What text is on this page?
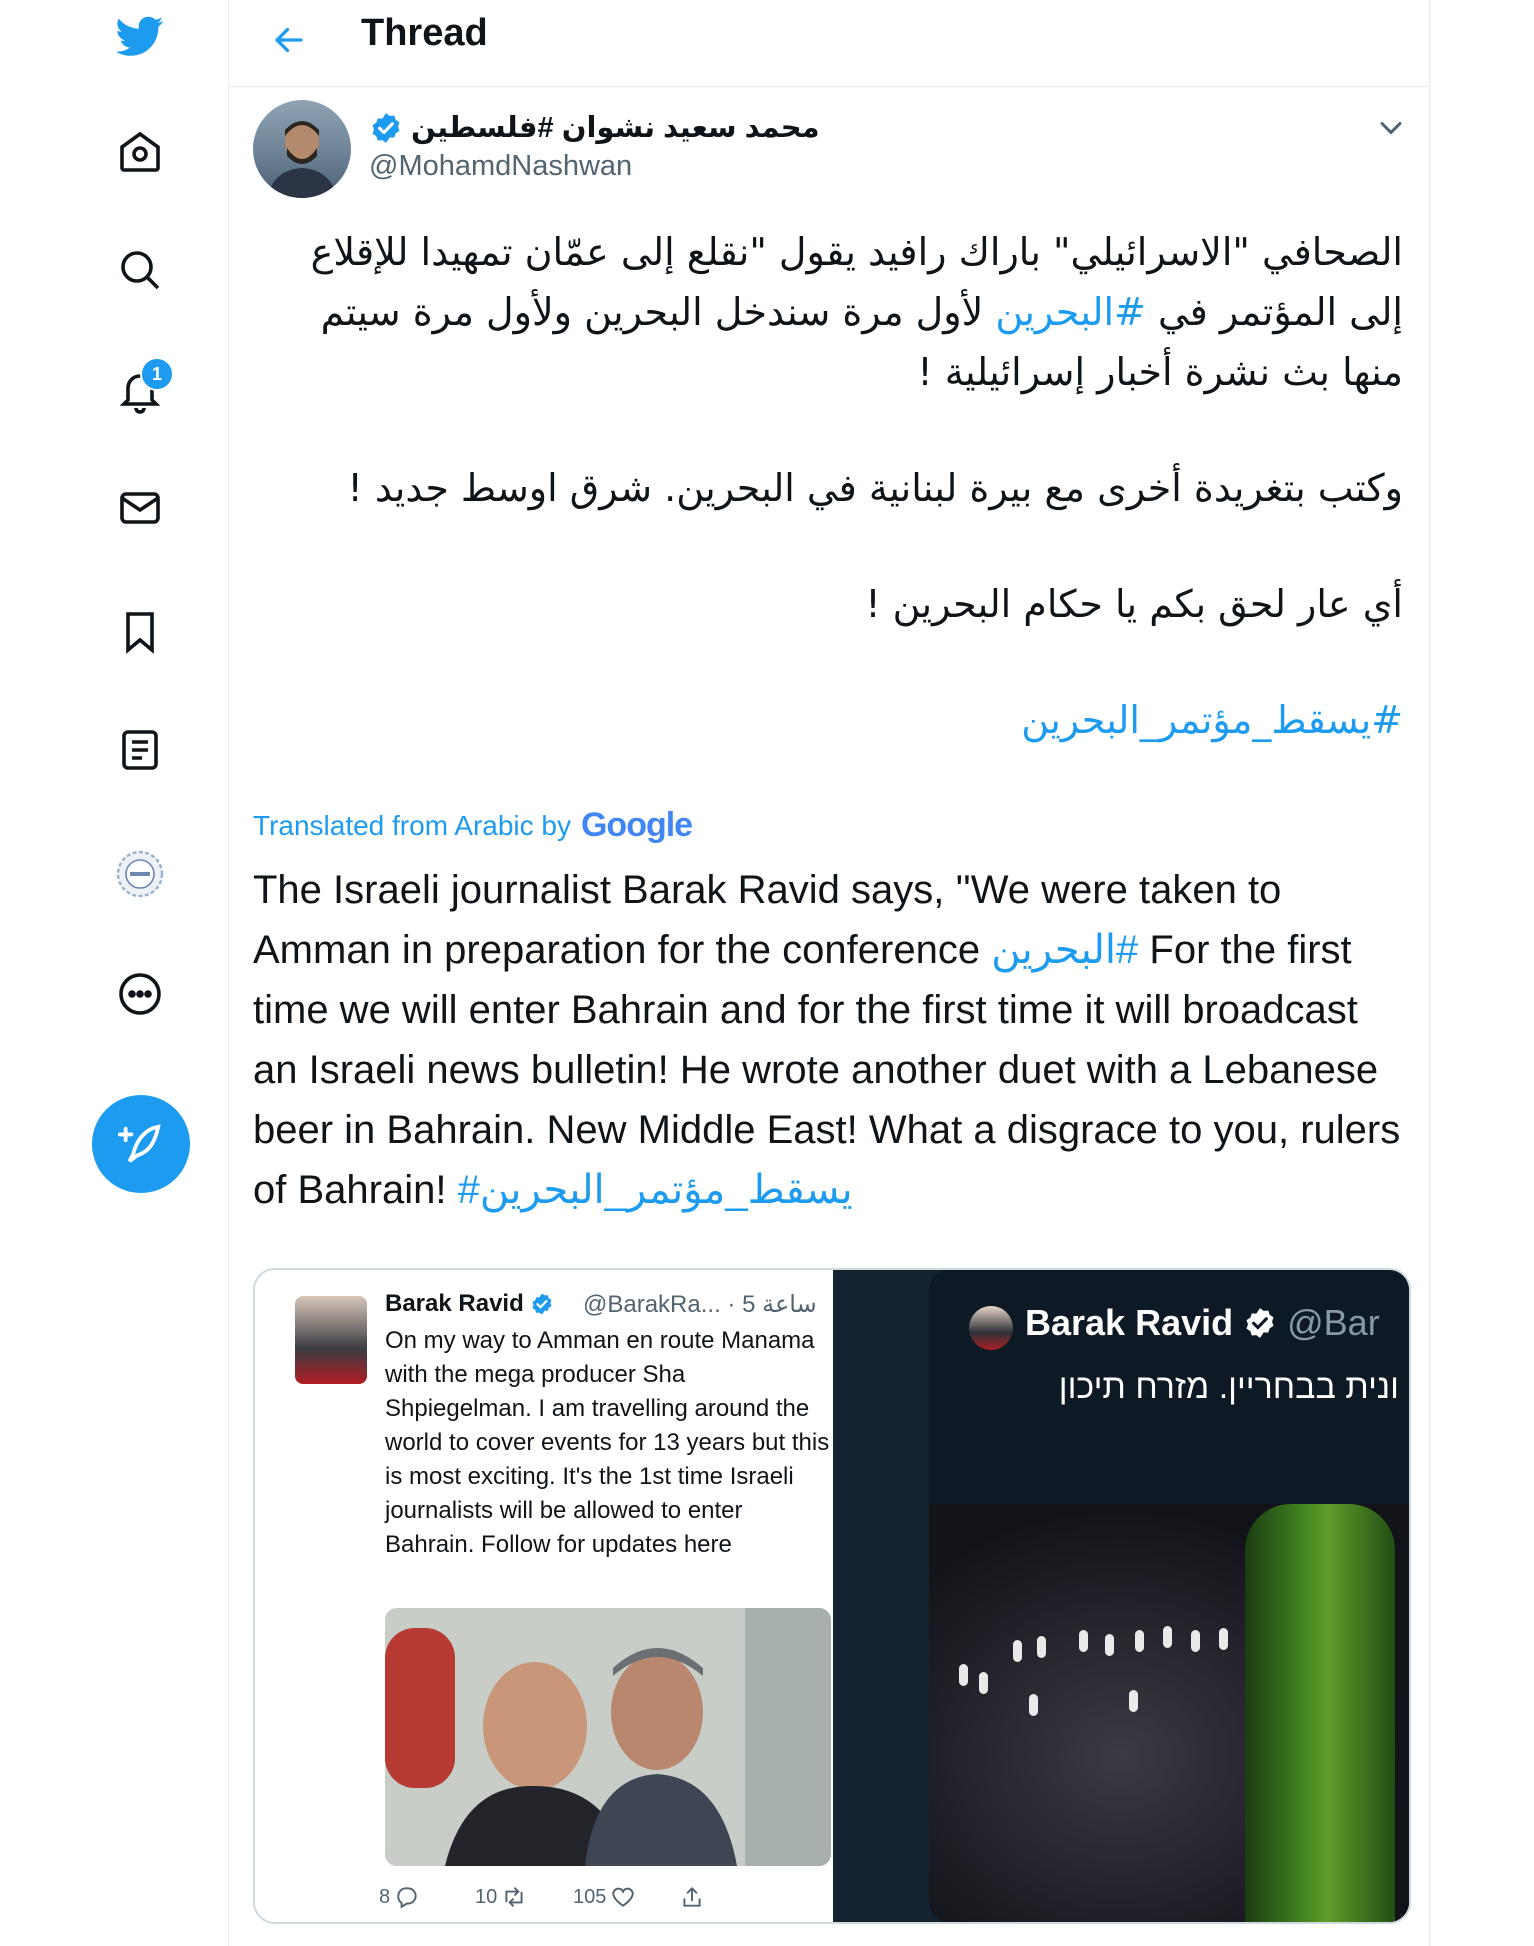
1
Thread
محمد سعيد نشوان #فلسطين
@MohamdNashwan

الصحافي "الاسرائيلي" باراك رافيد يقول "نقلع إلى عمّان تمهيدا للإقلاع إلى المؤتمر في #البحرين لأول مرة سندخل البحرين ولأول مرة سيتم منها بث نشرة أخبار إسرائيلية !

وكتب بتغريدة أخرى مع بيرة لبنانية في البحرين. شرق اوسط جديد !

أي عار لحق بكم يا حكام البحرين !

#يسقط_مؤتمر_البحرين

Translated from Arabic by Google
The Israeli journalist Barak Ravid says, ''We were taken to Amman in preparation for the conference البحرين# For the first time we will enter Bahrain and for the first time it will broadcast an Israeli news bulletin! He wrote another duet with a Lebanese beer in Bahrain. New Middle East! What a disgrace to you, rulers of Bahrain! #يسقط_مؤتمر_البحرين
Barak Ravid @BarakRa... · 5 ساعة
On my way to Amman en route Manama with the mega producer Sha Shpiegelman. I am travelling around the world to cover events for 13 years but this is most exciting. It's the 1st time Israeli journalists will be allowed to enter Bahrain. Follow for updates here
8	10	105
Barak Ravid @Bar
ונית בבחריין. מזרח תיכון
